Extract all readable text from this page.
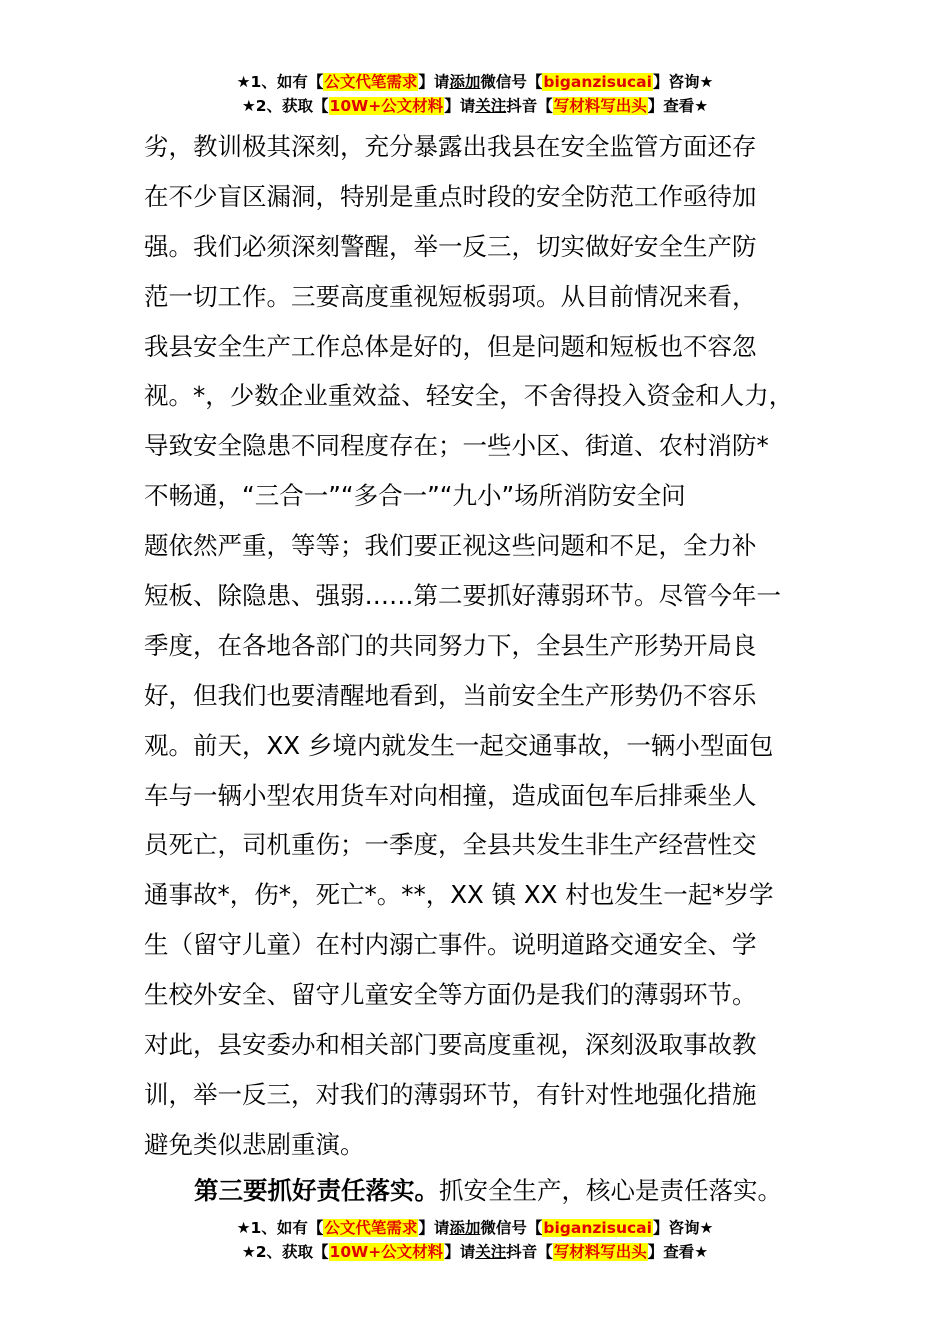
★1、如有【公文代笔需求】请添加微信号【biganzisucai】咨询★
★2、获取【10W+公文材料】请关注抖音【写材料写出头】查看★
劣，教训极其深刻，充分暴露出我县在安全监管方面还存
在不少盲区漏洞，特别是重点时段的安全防范工作亟待加
强。我们必须深刻警醒，举一反三，切实做好安全生产防
范一切工作。三要高度重视短板弱项。从目前情况来看，
我县安全生产工作总体是好的，但是问题和短板也不容忽
视。*，少数企业重效益、轻安全，不舍得投入资金和人力，
导致安全隐患不同程度存在；一些小区、街道、农村消防*
不畅通，“三合一”“多合一”“九小”场所消防安全问
题依然严重，等等；我们要正视这些问题和不足，全力补
短板、除隐患、强弱……第二要抓好薄弱环节。尽管今年一
季度，在各地各部门的共同努力下，全县生产形势开局良
好，但我们也要清醒地看到，当前安全生产形势仍不容乐
观。前天，XX 乡境内就发生一起交通事故，一辆小型面包
车与一辆小型农用货车对向相撞，造成面包车后排乘坐人
员死亡，司机重伤；一季度，全县共发生非生产经营性交
通事故*，伤*，死亡*。**，XX 镇 XX 村也发生一起*岁学
生（留守儿童）在村内溺亡事件。说明道路交通安全、学
生校外安全、留守儿童安全等方面仍是我们的薄弱环节。
对此，县安委办和相关部门要高度重视，深刻汲取事故教
训，举一反三，对我们的薄弱环节，有针对性地强化措施
避免类似悲剧重演。
第三要抓好责任落实。抓安全生产，核心是责任落实。
★1、如有【公文代笔需求】请添加微信号【biganzisucai】咨询★
★2、获取【10W+公文材料】请关注抖音【写材料写出头】查看★
